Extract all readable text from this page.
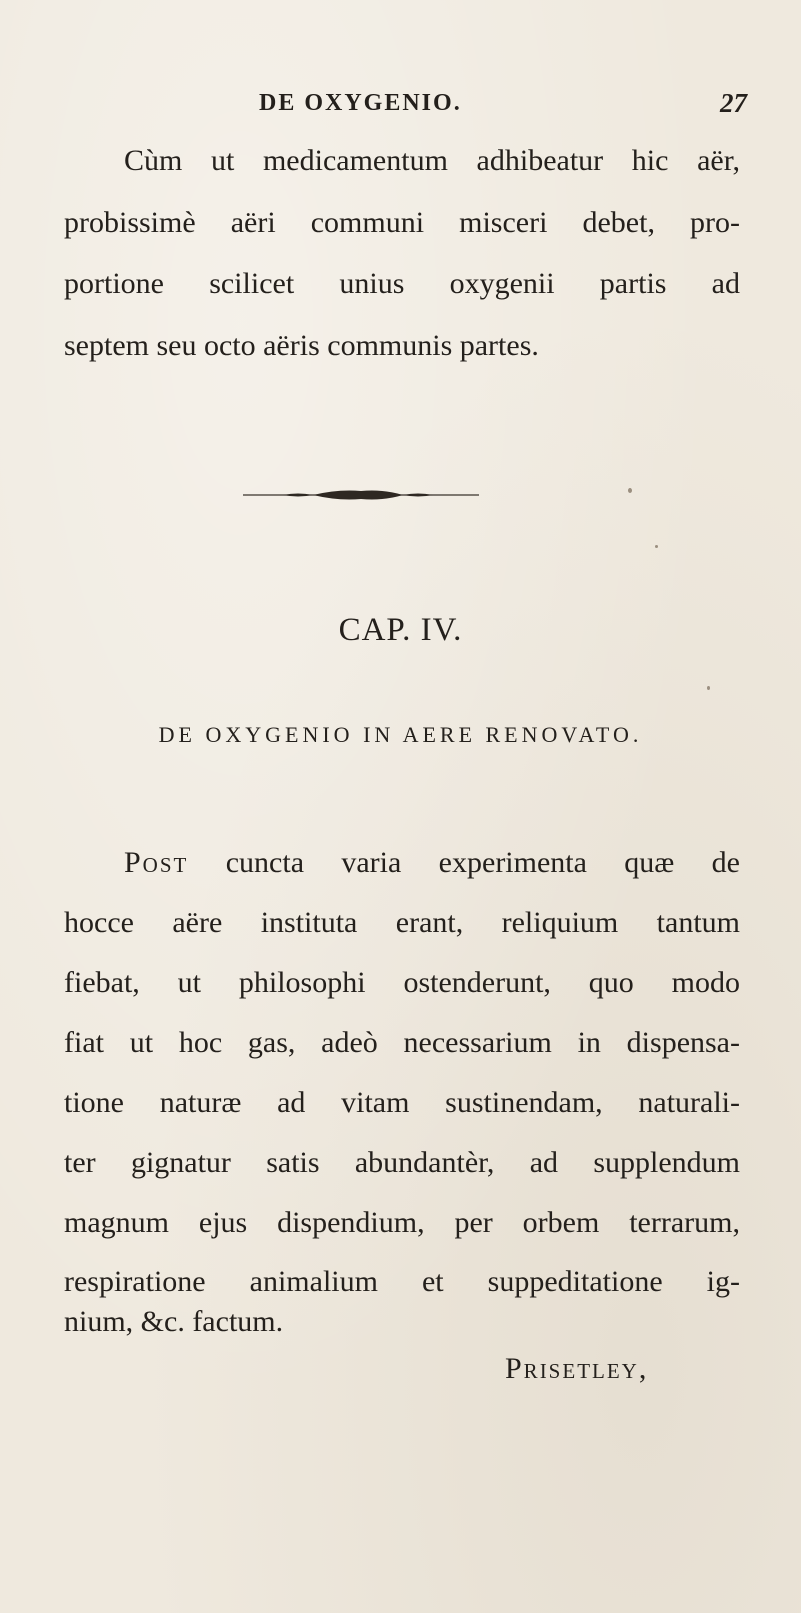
DE OXYGENIO.	27
Cùm ut medicamentum adhibeatur hic aër,
probissimè aëri communi misceri debet, pro-
portione scilicet unius oxygenii partis ad
septem seu octo aëris communis partes.
CAP. IV.
DE OXYGENIO IN AERE RENOVATO.
Post cuncta varia experimenta quæ de
hocce aëre instituta erant, reliquium tantum
fiebat, ut philosophi ostenderunt, quo modo
fiat ut hoc gas, adeò necessarium in dispensa-
tione naturæ ad vitam sustinendam, naturali-
ter gignatur satis abundantèr, ad supplendum
magnum ejus dispendium, per orbem terrarum,
respiratione animalium et suppeditatione ig-
nium, &c. factum.
Prisetley,
